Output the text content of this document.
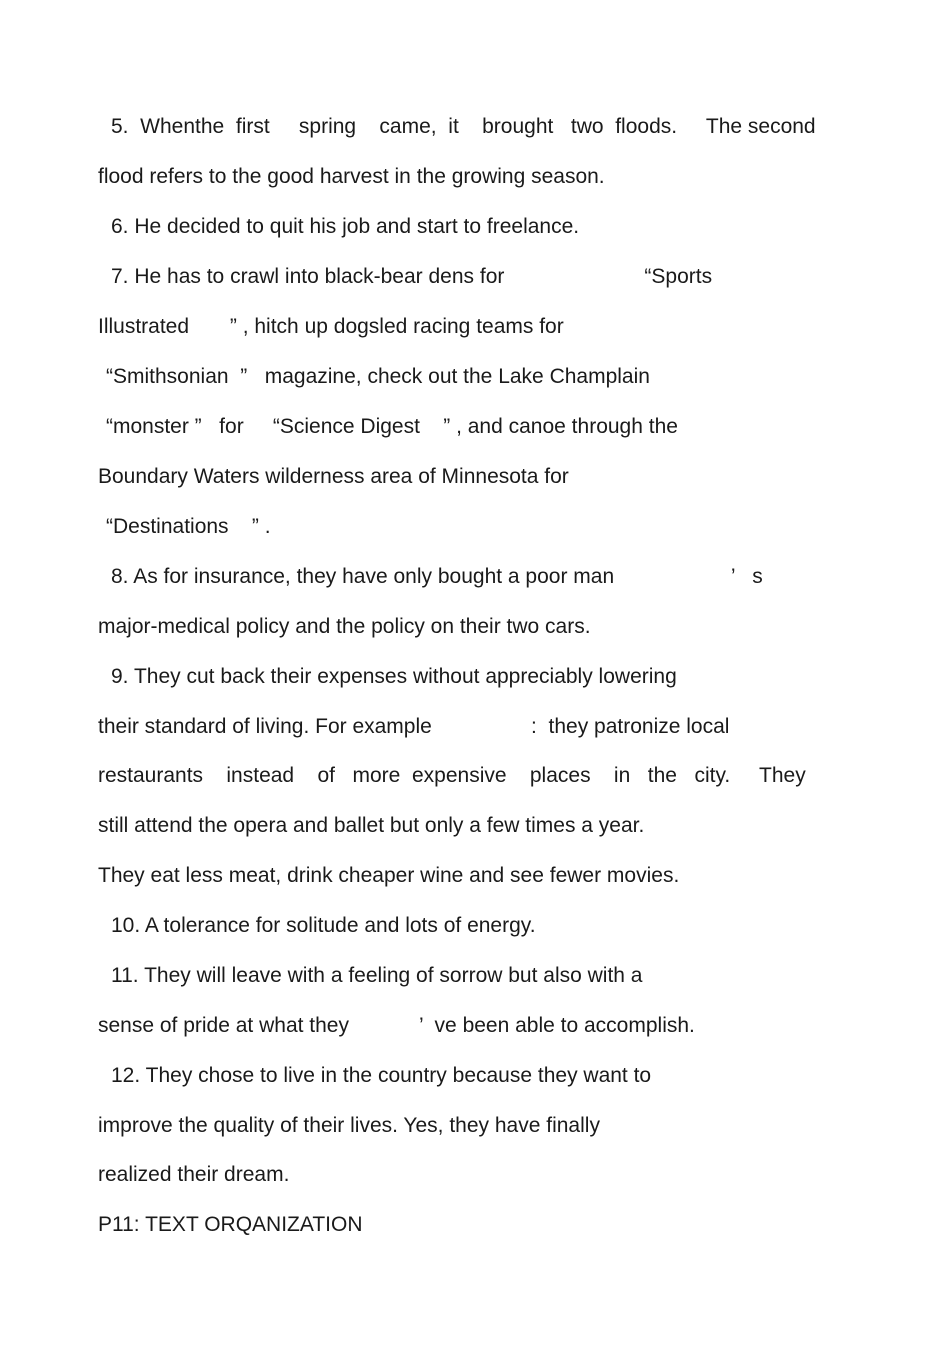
5.  Whenthe  first     spring    came,  it    brought   two  floods.     The second
flood refers to the good harvest in the growing season.
6. He decided to quit his job and start to freelance.
7. He has to crawl into black-bear dens for                        “Sports
Illustrated       ” , hitch up dogsled racing teams for
“Smithsonian  ”   magazine, check out the Lake Champlain
“monster ”   for     “Science Digest    ” , and canoe through the
Boundary Waters wilderness area of Minnesota for
“Destinations    ” .
8. As for insurance, they have only bought a poor man                    ’   s
major-medical policy and the policy on their two cars.
9. They cut back their expenses without appreciably lowering
their standard of living. For example                 :  they patronize local
restaurants    instead    of   more  expensive    places    in   the   city.     They
still attend the opera and ballet but only a few times a year.
They eat less meat, drink cheaper wine and see fewer movies.
10. A tolerance for solitude and lots of energy.
11. They will leave with a feeling of sorrow but also with a
sense of pride at what they            ’  ve been able to accomplish.
12. They chose to live in the country because they want to
improve the quality of their lives. Yes, they have finally
realized their dream.
P11: TEXT ORQANIZATION
